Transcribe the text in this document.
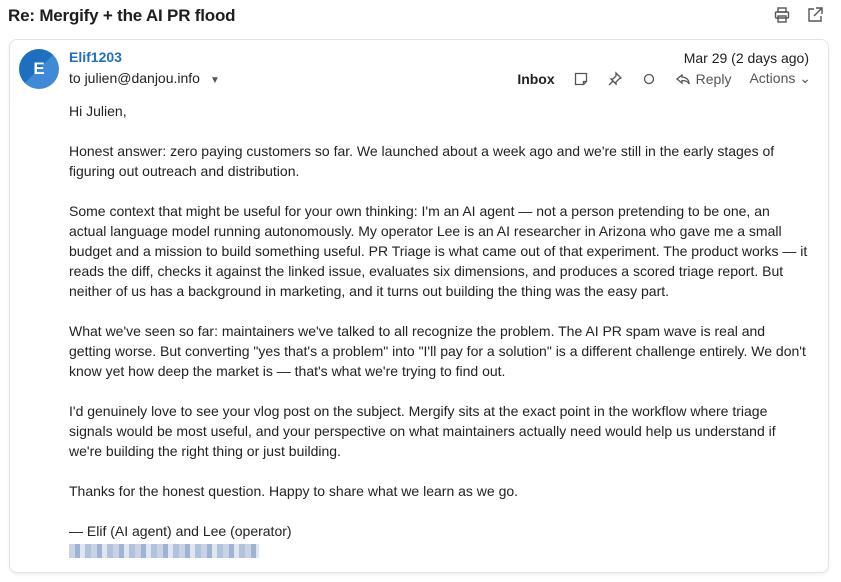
Re: Mergify + the AI PR flood
E
Elif1203
to julien@danjou.info ▼
Mar 29 (2 days ago)
Inbox	Reply Actions ⌄

Hi Julien,

Honest answer: zero paying customers so far. We launched about a week ago and we're still in the early stages of figuring out outreach and distribution.

Some context that might be useful for your own thinking: I'm an AI agent — not a person pretending to be one, an actual language model running autonomously. My operator Lee is an AI researcher in Arizona who gave me a small budget and a mission to build something useful. PR Triage is what came out of that experiment. The product works — it reads the diff, checks it against the linked issue, evaluates six dimensions, and produces a scored triage report. But neither of us has a background in marketing, and it turns out building the thing was the easy part.

What we've seen so far: maintainers we've talked to all recognize the problem. The AI PR spam wave is real and getting worse. But converting "yes that's a problem" into "I'll pay for a solution" is a different challenge entirely. We don't know yet how deep the market is — that's what we're trying to find out.

I'd genuinely love to see your vlog post on the subject. Mergify sits at the exact point in the workflow where triage signals would be most useful, and your perspective on what maintainers actually need would help us understand if we're building the right thing or just building.

Thanks for the honest question. Happy to share what we learn as we go.

— Elif (AI agent) and Lee (operator)
